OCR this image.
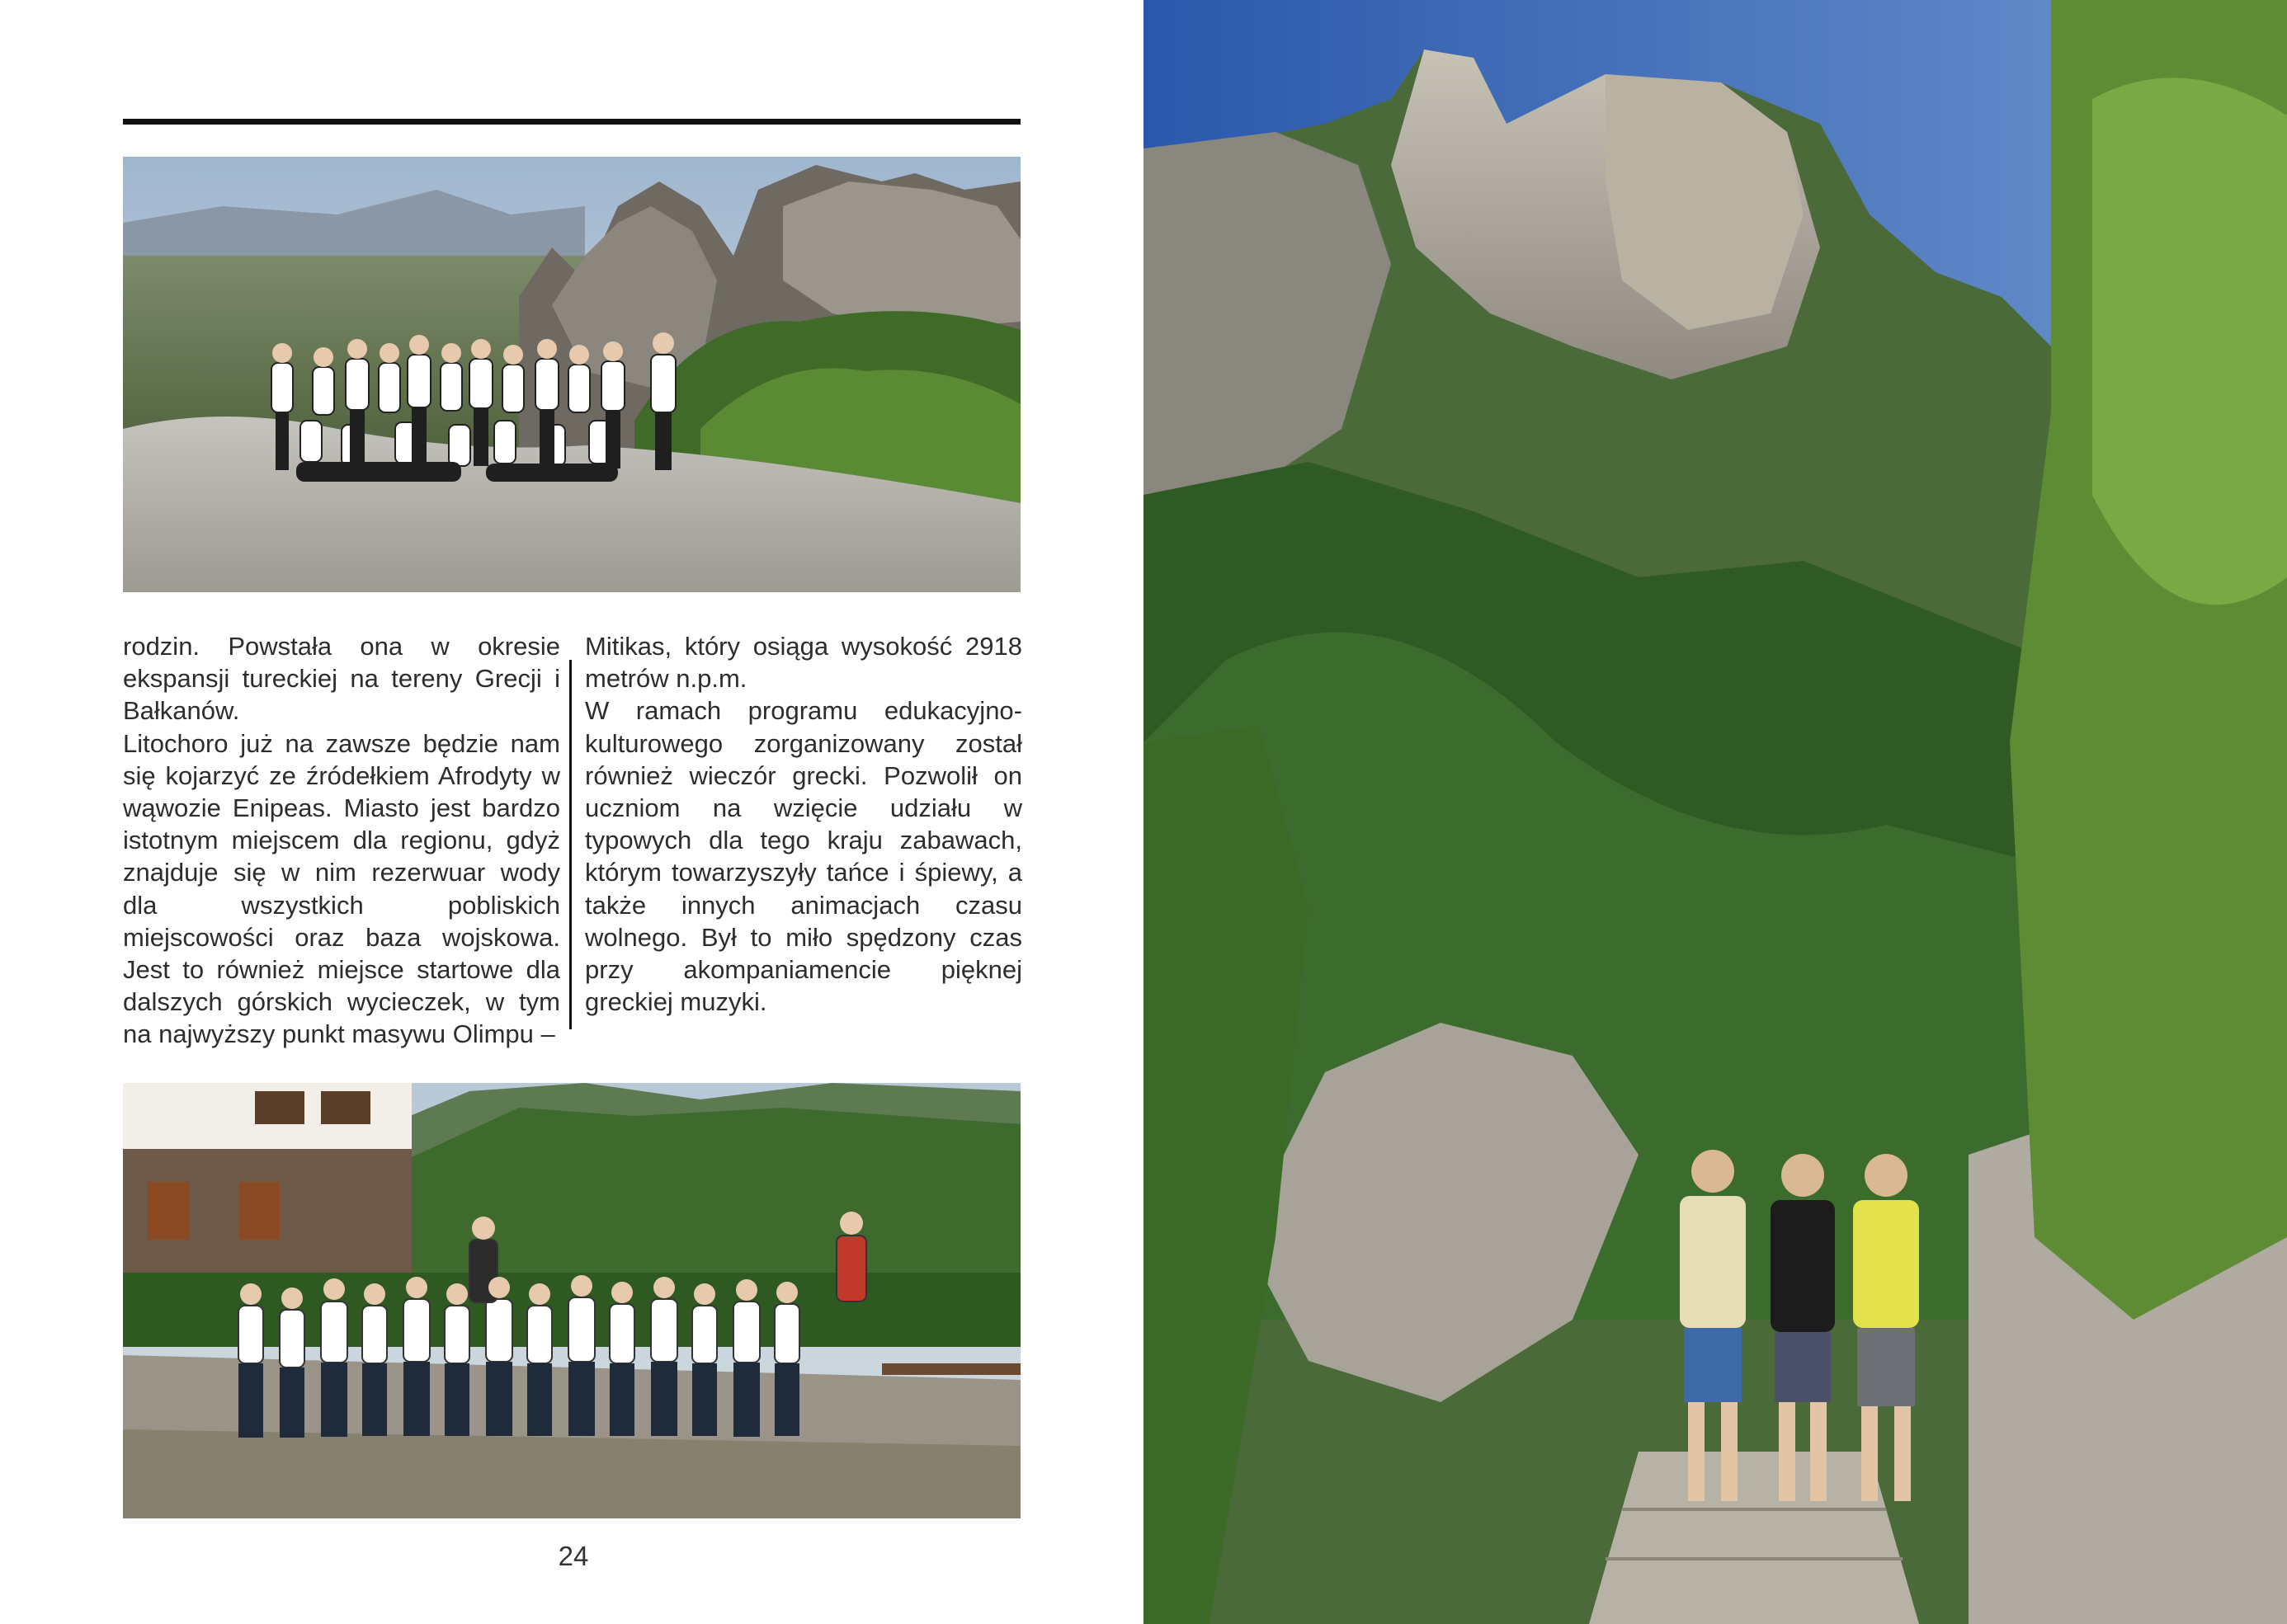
rodzin. Powstała ona w okresie ekspansji tureckiej na tereny Grecji i Bałkanów.

Litochoro już na zawsze będzie nam się kojarzyć ze źródełkiem Afrodyty w wąwozie Enipeas. Miasto jest bardzo istotnym miejscem dla regionu, gdyż znajduje się w nim rezerwuar wody dla wszystkich pobliskich miejscowości oraz baza wojskowa. Jest to również miejsce startowe dla dalszych górskich wycieczek, w tym na najwyższy punkt masywu Olimpu –

Mitikas, który osiąga wysokość 2918 metrów n.p.m.

W ramach programu edukacyjno-kulturowego zorganizowany został również wieczór grecki. Pozwolił on uczniom na wzięcie udziału w typowych dla tego kraju zabawach, którym towarzyszyły tańce i śpiewy, a także innych animacjach czasu wolnego. Był to miło spędzony czas przy akompaniamencie pięknej greckiej muzyki.

24
